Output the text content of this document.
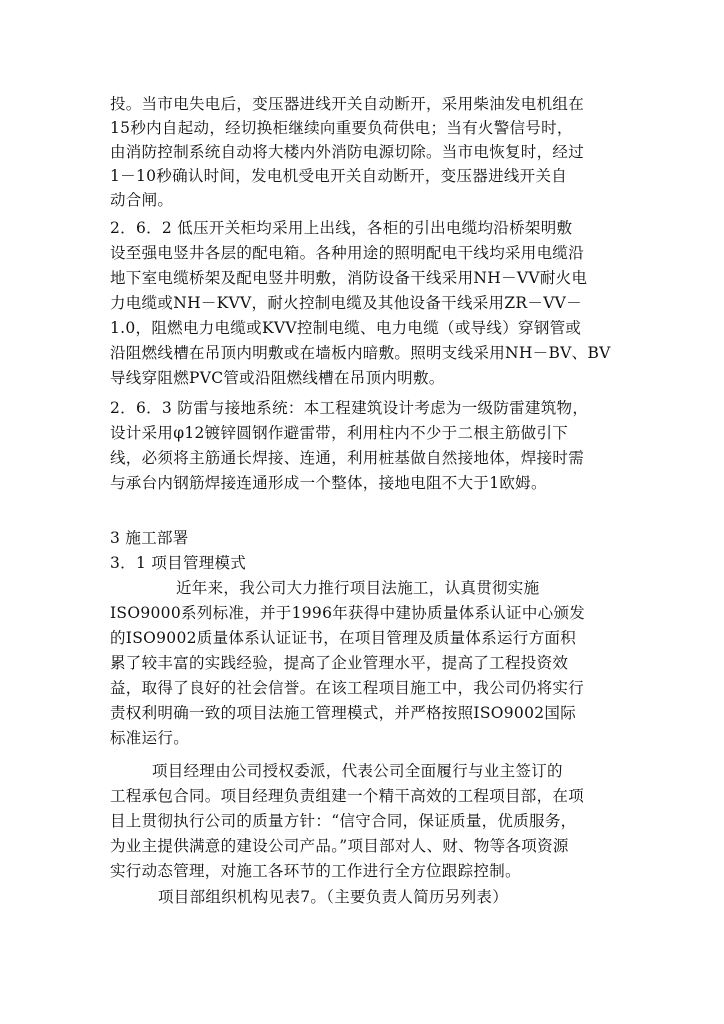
投。当市电失电后，变压器进线开关自动断开，采用柴油发电机组在
15秒内自起动，经切换柜继续向重要负荷供电；当有火警信号时，
由消防控制系统自动将大楼内外消防电源切除。当市电恢复时，经过
1－10秒确认时间，发电机受电开关自动断开，变压器进线开关自
动合闸。
2．6．2 低压开关柜均采用上出线，各柜的引出电缆均沿桥架明敷
设至强电竖井各层的配电箱。各种用途的照明配电干线均采用电缆沿
地下室电缆桥架及配电竖井明敷，消防设备干线采用NH－VV耐火电
力电缆或NH－KVV，耐火控制电缆及其他设备干线采用ZR－VV－
1.0，阻燃电力电缆或KVV控制电缆、电力电缆（或导线）穿钢管或
沿阻燃线槽在吊顶内明敷或在墙板内暗敷。照明支线采用NH－BV、BV
导线穿阻燃PVC管或沿阻燃线槽在吊顶内明敷。
2．6．3 防雷与接地系统：本工程建筑设计考虑为一级防雷建筑物，
设计采用φ12镀锌圆钢作避雷带，利用柱内不少于二根主筋做引下
线，必须将主筋通长焊接、连通，利用桩基做自然接地体，焊接时需
与承台内钢筋焊接连通形成一个整体，接地电阻不大于1欧姆。
3 施工部署
3．1 项目管理模式
近年来，我公司大力推行项目法施工，认真贯彻实施
ISO9000系列标准，并于1996年获得中建协质量体系认证中心颁发
的ISO9002质量体系认证证书，在项目管理及质量体系运行方面积
累了较丰富的实践经验，提高了企业管理水平，提高了工程投资效
益，取得了良好的社会信誉。在该工程项目施工中，我公司仍将实行
责权利明确一致的项目法施工管理模式，并严格按照ISO9002国际
标准运行。
项目经理由公司授权委派，代表公司全面履行与业主签订的
工程承包合同。项目经理负责组建一个精干高效的工程项目部，在项
目上贯彻执行公司的质量方针：“信守合同，保证质量，优质服务，
为业主提供满意的建设公司产品。”项目部对人、财、物等各项资源
实行动态管理，对施工各环节的工作进行全方位跟踪控制。
项目部组织机构见表7。（主要负责人简历另列表）
